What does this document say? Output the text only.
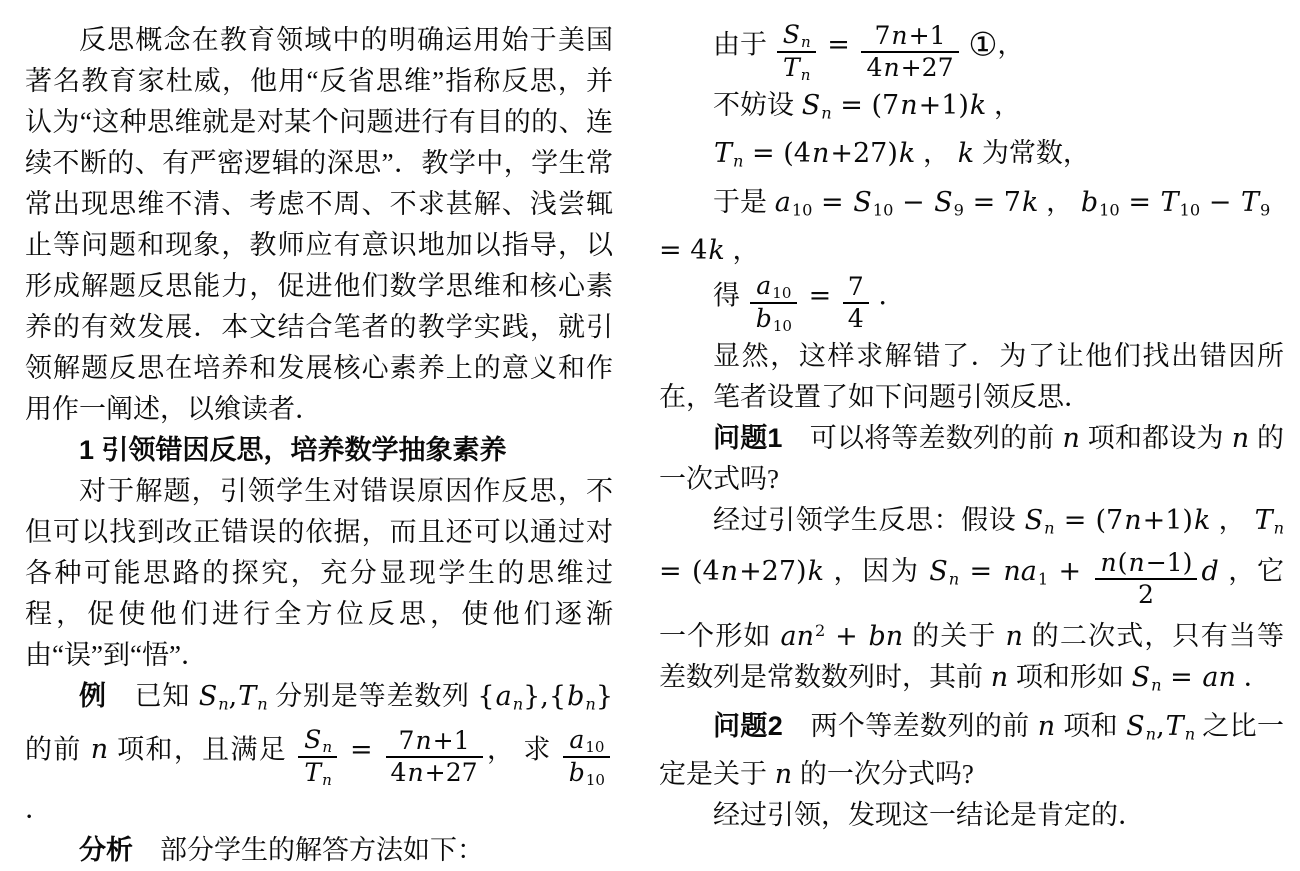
反思概念在教育领域中的明确运用始于美国著名教育家杜威，他用“反省思维”指称反思，并认为“这种思维就是对某个问题进行有目的的、连续不断的、有严密逻辑的深思”．教学中，学生常常出现思维不清、考虑不周、不求甚解、浅尝辄止等问题和现象，教师应有意识地加以指导，以形成解题反思能力，促进他们数学思维和核心素养的有效发展．本文结合笔者的教学实践，就引领解题反思在培养和发展核心素养上的意义和作用作一阐述，以飨读者．

1 引领错因反思，培养数学抽象素养

对于解题，引领学生对错误原因作反思，不但可以找到改正错误的依据，而且还可以通过对各种可能思路的探究，充分显现学生的思维过程，促使他们进行全方位反思，使他们逐渐由“误”到“悟”．

例　已知 Sn,Tn 分别是等差数列 {an},{bn} 的前 n 项和，且满足 $\frac{Sn}{Tn} = \frac{7n+1}{4n+27}$ ， 求 $\frac{a10}{b10}$
．

分析　部分学生的解答方法如下：

由于 $\frac{Sn}{Tn} = \frac{7n+1}{4n+27}$ ①，

不妨设 Sn = (7n+1)k ，

Tn = (4n+27)k ， k 为常数，

于是 a10 = S10 − S9 = 7k ， b10 = T10 − T9 = 4k ，

得 $\frac{a10}{b10} = \frac{7}{4}$ ．

显然，这样求解错了．为了让他们找出错因所在，笔者设置了如下问题引领反思．

问题1　可以将等差数列的前 n 项和都设为 n 的一次式吗?

经过引领学生反思：假设 Sn = (7n+1)k ， Tn = (4n+27)k ，因为 $Sn = na1 + \frac{n(n-1)}{2}$ d ，它一个形如 $an^2$ + bn 的关于 n 的二次式，只有当等差数列是常数数列时，其前 n 项和形如 Sn = an ．

问题2　两个等差数列的前 n 项和 Sn,Tn 之比一定是关于 n 的一次分式吗?

经过引领，发现这一结论是肯定的．
